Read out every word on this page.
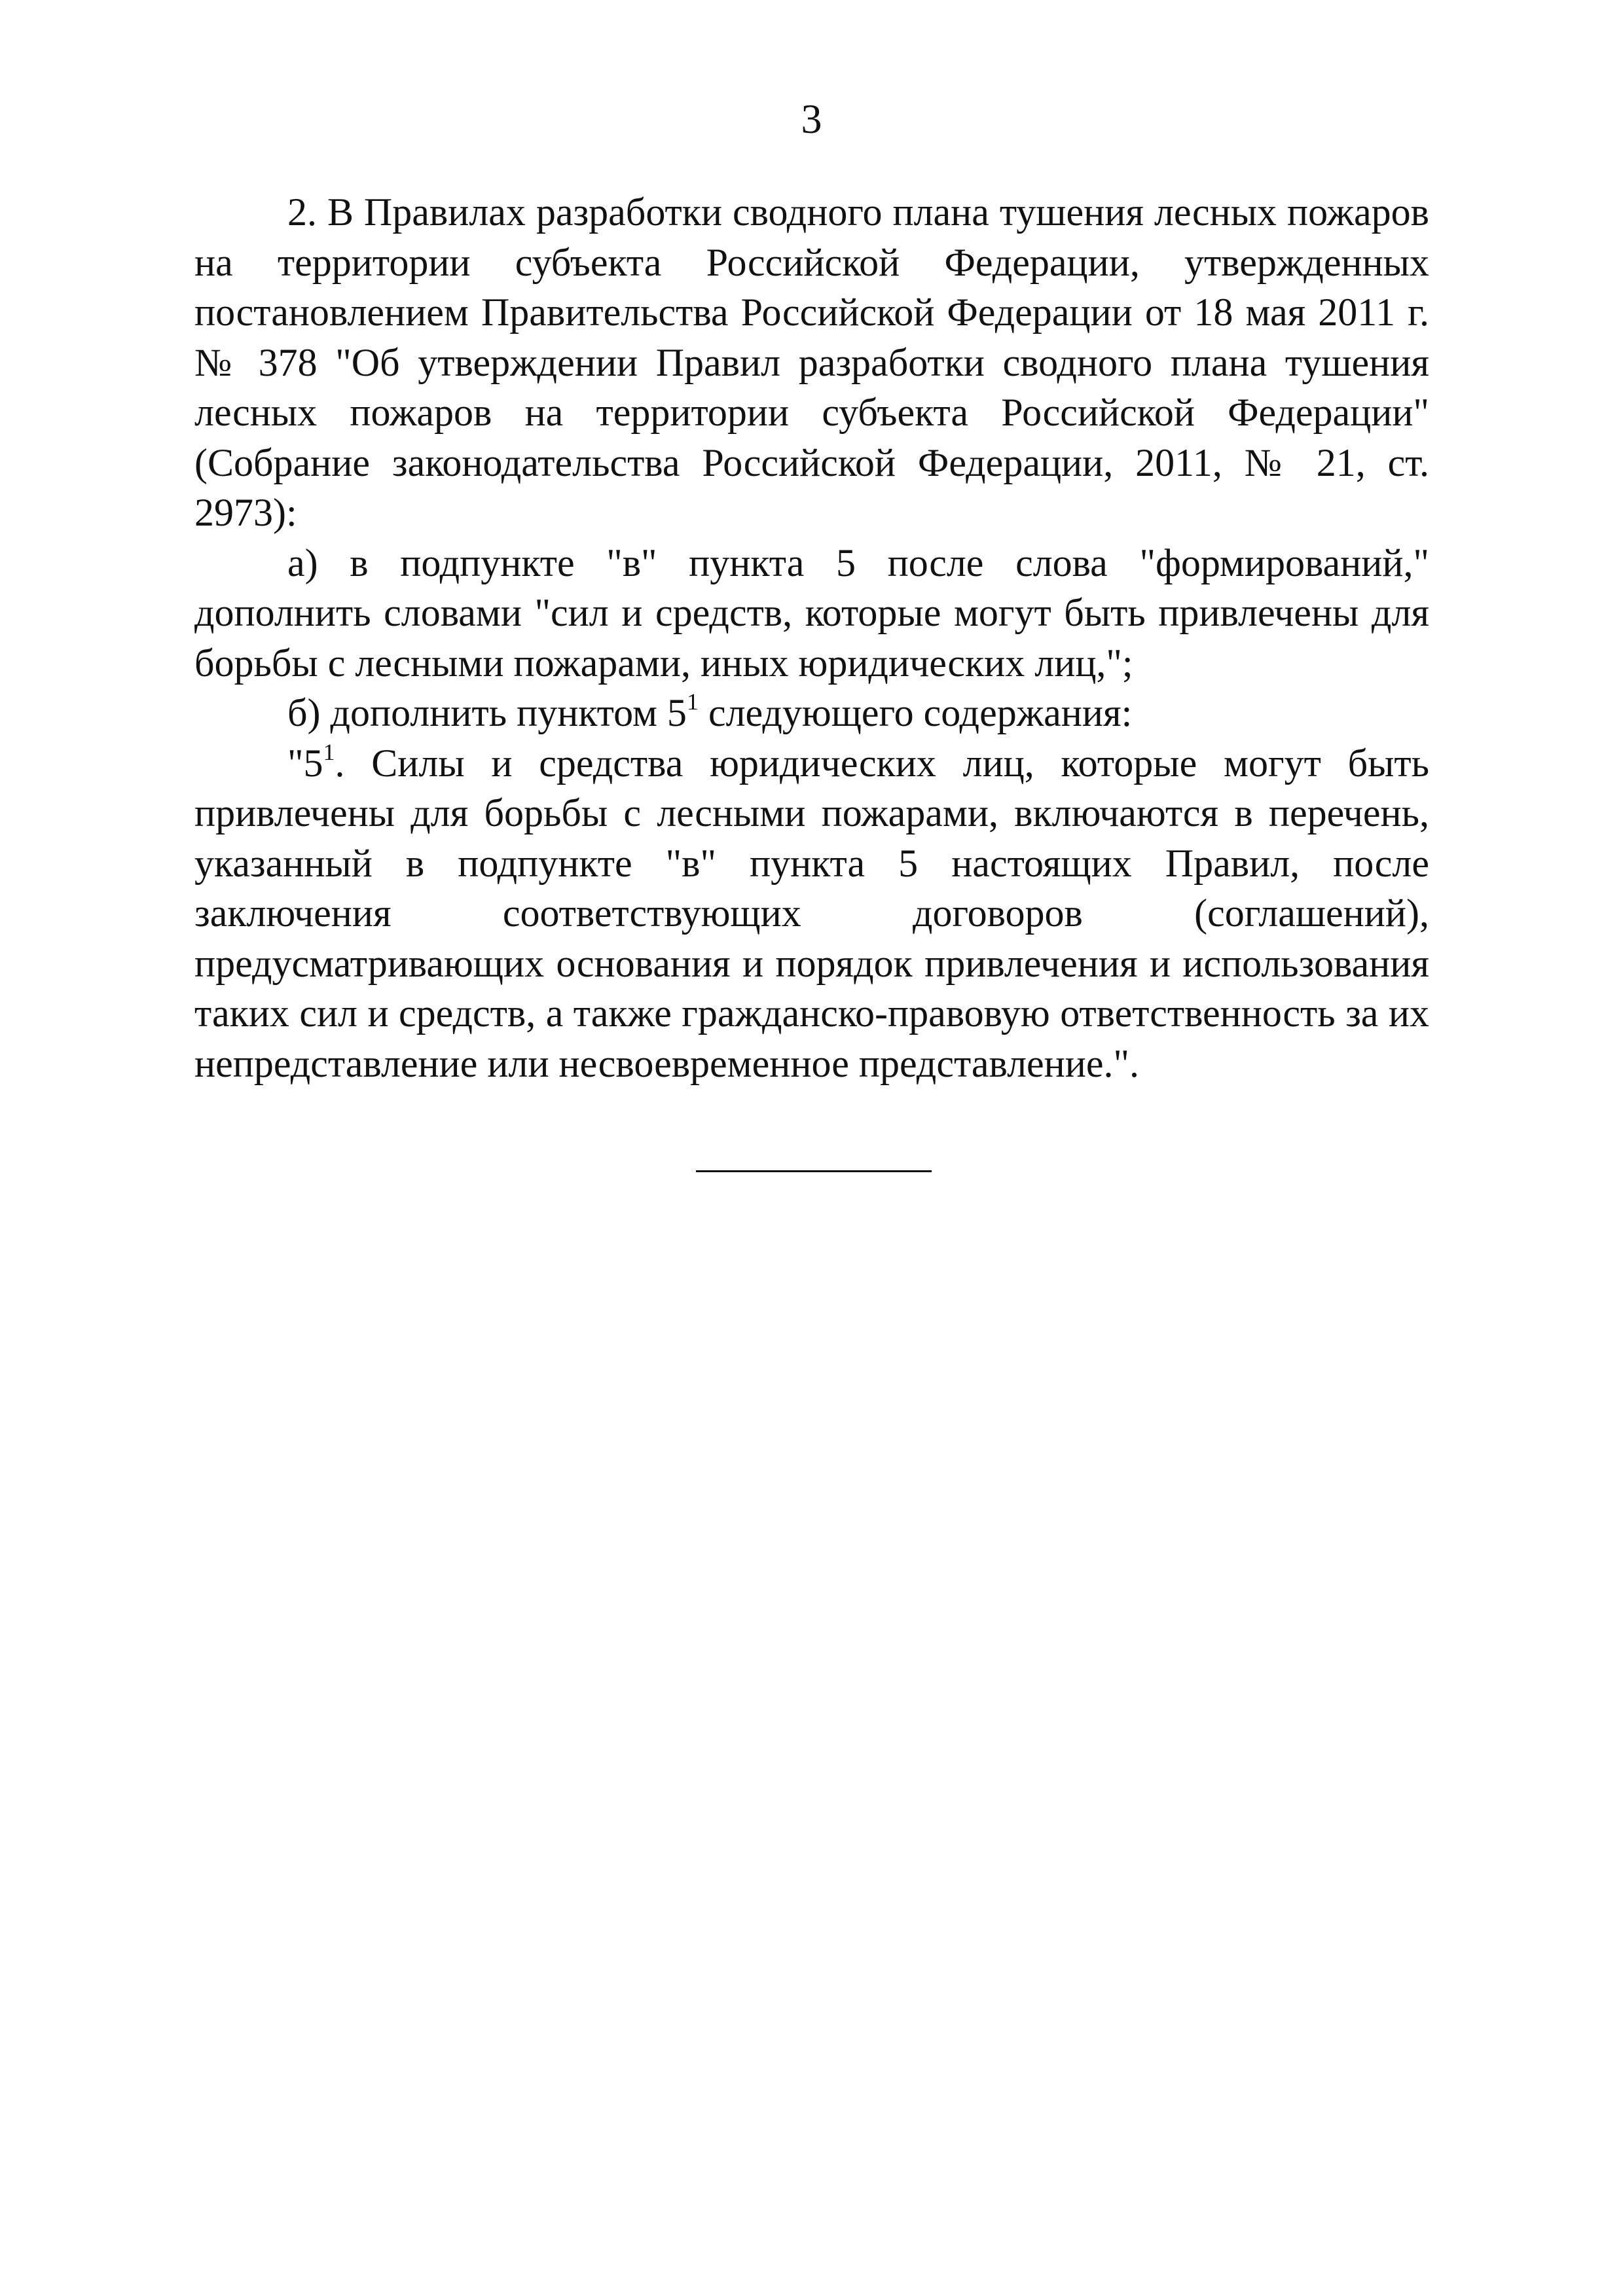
3

2. В Правилах разработки сводного плана тушения лесных пожаров на территории субъекта Российской Федерации, утвержденных постановлением Правительства Российской Федерации от 18 мая 2011 г. № 378 "Об утверждении Правил разработки сводного плана тушения лесных пожаров на территории субъекта Российской Федерации" (Собрание законодательства Российской Федерации, 2011, № 21, ст. 2973):

а) в подпункте "в" пункта 5 после слова "формирований," дополнить словами "сил и средств, которые могут быть привлечены для борьбы с лесными пожарами, иных юридических лиц,";

б) дополнить пунктом $5^1$ следующего содержания:

"$5^1$. Силы и средства юридических лиц, которые могут быть привлечены для борьбы с лесными пожарами, включаются в перечень, указанный в подпункте "в" пункта 5 настоящих Правил, после заключения соответствующих договоров (соглашений), предусматривающих основания и порядок привлечения и использования таких сил и средств, а также гражданско-правовую ответственность за их непредставление или несвоевременное представление.".
